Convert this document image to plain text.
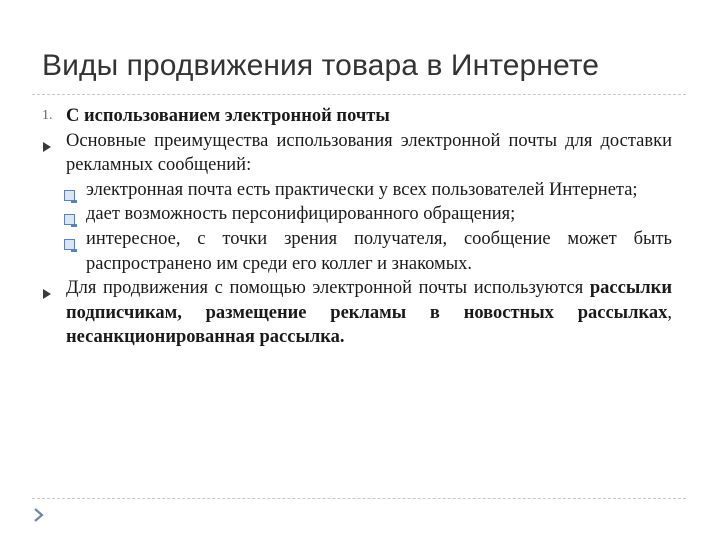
Виды продвижения товара в Интернете
1. С использованием электронной почты
Основные преимущества использования электронной почты для доставки рекламных сообщений:
электронная почта есть практически у всех пользователей Интернета;
дает возможность персонифицированного обращения;
интересное, с точки зрения получателя, сообщение может быть распространено им среди его коллег и знакомых.
Для продвижения с помощью электронной почты используются рассылки подписчикам, размещение рекламы в новостных рассылках, несанкционированная рассылка.
